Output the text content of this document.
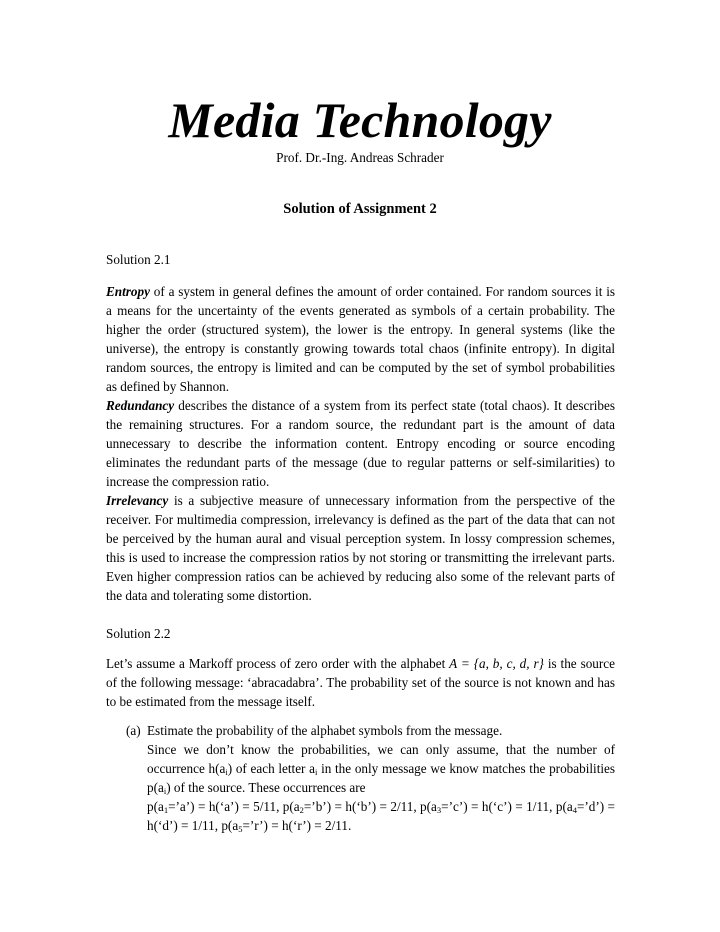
Media Technology
Prof. Dr.-Ing. Andreas Schrader
Solution of Assignment 2
Solution 2.1
Entropy of a system in general defines the amount of order contained. For random sources it is a means for the uncertainty of the events generated as symbols of a certain probability. The higher the order (structured system), the lower is the entropy. In general systems (like the universe), the entropy is constantly growing towards total chaos (infinite entropy). In digital random sources, the entropy is limited and can be computed by the set of symbol probabilities as defined by Shannon.
Redundancy describes the distance of a system from its perfect state (total chaos). It describes the remaining structures. For a random source, the redundant part is the amount of data unnecessary to describe the information content. Entropy encoding or source encoding eliminates the redundant parts of the message (due to regular patterns or self-similarities) to increase the compression ratio.
Irrelevancy is a subjective measure of unnecessary information from the perspective of the receiver. For multimedia compression, irrelevancy is defined as the part of the data that can not be perceived by the human aural and visual perception system. In lossy compression schemes, this is used to increase the compression ratios by not storing or transmitting the irrelevant parts. Even higher compression ratios can be achieved by reducing also some of the relevant parts of the data and tolerating some distortion.
Solution 2.2
Let’s assume a Markoff process of zero order with the alphabet A = {a, b, c, d, r} is the source of the following message: ‘abracadabra’. The probability set of the source is not known and has to be estimated from the message itself.
(a) Estimate the probability of the alphabet symbols from the message.

Since we don’t know the probabilities, we can only assume, that the number of occurrence $h(a_i)$ of each letter $a_i$ in the only message we know matches the probabilities $p(a_i)$ of the source. These occurrences are

$p(a_1=’a’)$ = h(‘a’) = 5/11, $p(a_2=’b’)$ = h(‘b’) = 2/11, $p(a_3=’c’)$ = h(‘c’) = 1/11, $p(a_4=’d’)$ = h(‘d’) = 1/11, $p(a_5=’r’)$ = h(‘r’) = 2/11.
